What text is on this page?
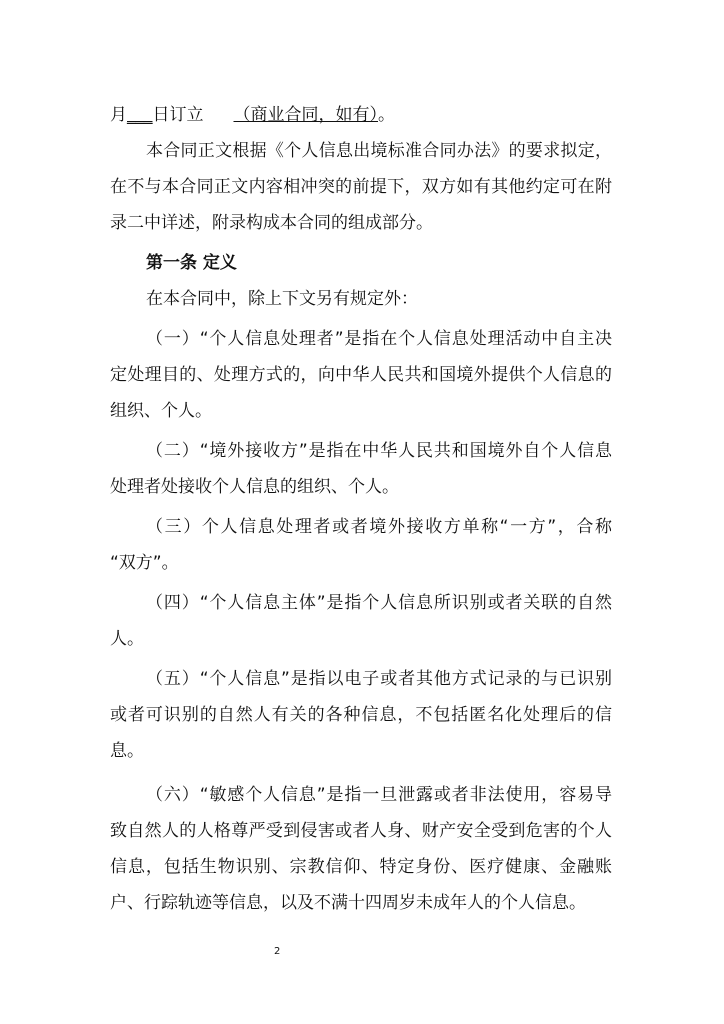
月___日订立 （商业合同，如有）。
本合同正文根据《个人信息出境标准合同办法》的要求拟定，
在不与本合同正文内容相冲突的前提下，双方如有其他约定可在附
录二中详述，附录构成本合同的组成部分。
第一条 定义
在本合同中，除上下文另有规定外：
（一）“个人信息处理者”是指在个人信息处理活动中自主决
定处理目的、处理方式的，向中华人民共和国境外提供个人信息的
组织、个人。
（二）“境外接收方”是指在中华人民共和国境外自个人信息
处理者处接收个人信息的组织、个人。
（三）个人信息处理者或者境外接收方单称“一方”，合称
“双方”。
（四）“个人信息主体”是指个人信息所识别或者关联的自然
人。
（五）“个人信息”是指以电子或者其他方式记录的与已识别
或者可识别的自然人有关的各种信息，不包括匿名化处理后的信
息。
（六）“敏感个人信息”是指一旦泄露或者非法使用，容易导
致自然人的人格尊严受到侵害或者人身、财产安全受到危害的个人
信息，包括生物识别、宗教信仰、特定身份、医疗健康、金融账
户、行踪轨迹等信息，以及不满十四周岁未成年人的个人信息。
2
